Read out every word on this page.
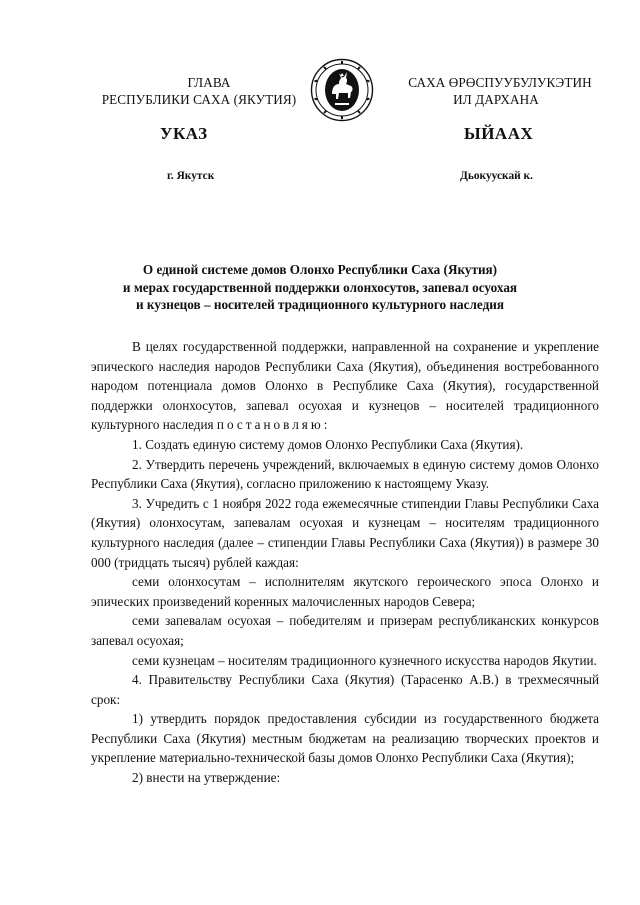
ГЛАВА
РЕСПУБЛИКИ САХА (ЯКУТИЯ)
САХА ӨРӨСПУУБУЛУКЭТИН
ИЛ ДАРХАНА
УКАЗ	ЫЙААХ
г. Якутск	Дьокуускай к.
О единой системе домов Олонхо Республики Саха (Якутия)
и мерах государственной поддержки олонхосутов, запевал осуохая
и кузнецов – носителей традиционного культурного наследия

В целях государственной поддержки, направленной на сохранение и укрепление эпического наследия народов Республики Саха (Якутия), объединения востребованного народом потенциала домов Олонхо в Республике Саха (Якутия), государственной поддержки олонхосутов, запевал осуохая и кузнецов – носителей традиционного культурного наследия постановляю:

1. Создать единую систему домов Олонхо Республики Саха (Якутия).

2. Утвердить перечень учреждений, включаемых в единую систему домов Олонхо Республики Саха (Якутия), согласно приложению к настоящему Указу.

3. Учредить с 1 ноября 2022 года ежемесячные стипендии Главы Республики Саха (Якутия) олонхосутам, запевалам осуохая и кузнецам – носителям традиционного культурного наследия (далее – стипендии Главы Республики Саха (Якутия)) в размере 30 000 (тридцать тысяч) рублей каждая:

семи олонхосутам – исполнителям якутского героического эпоса Олонхо и эпических произведений коренных малочисленных народов Севера;

семи запевалам осуохая – победителям и призерам республиканских конкурсов запевал осуохая;

семи кузнецам – носителям традиционного кузнечного искусства народов Якутии.

4. Правительству Республики Саха (Якутия) (Тарасенко А.В.) в трехмесячный срок:

1) утвердить порядок предоставления субсидии из государственного бюджета Республики Саха (Якутия) местным бюджетам на реализацию творческих проектов и укрепление материально-технической базы домов Олонхо Республики Саха (Якутия);

2) внести на утверждение:
